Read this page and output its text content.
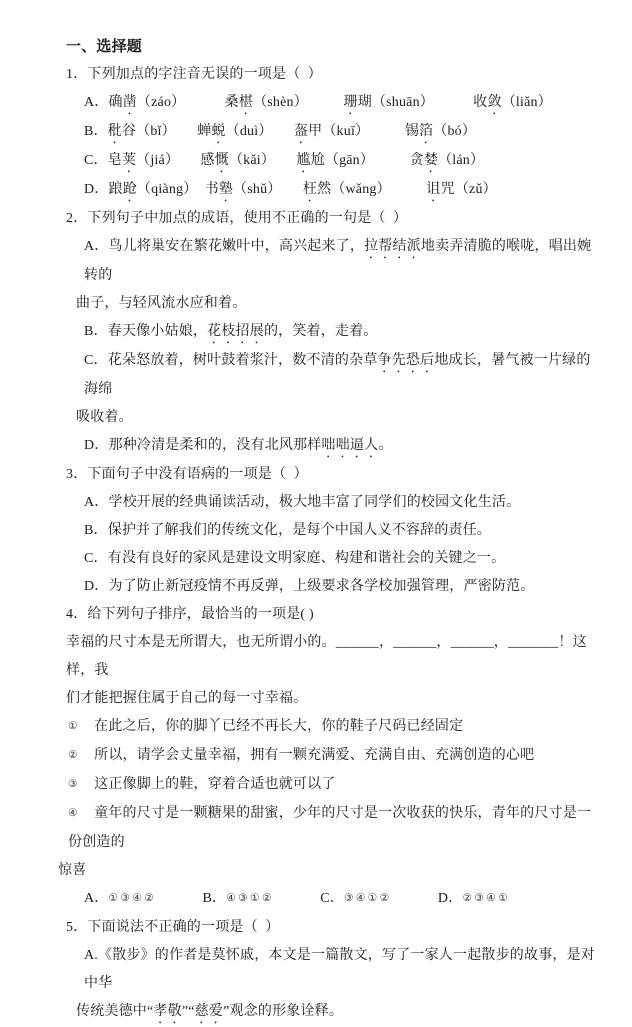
一、选择题

1．下列加点的字注音无误的一项是（  ）

A．确凿（záo）　　　 桑椹（shèn）　　　珊瑚（shuān）　　　 收敛（liǎn）

B．秕谷（bǐ）　　蝉蜕（duì）　　盔甲（kuī）　　　锡箔（bó）

C．皂荚（jiá）　　感慨（kǎi）　　尴尬（gān）　　　贪婪（lán）

D．踉跄（qiàng）　书塾（shǔ）　　枉然（wǎng）　　　诅咒（zǔ）

2．下列句子中加点的成语，使用不正确的一句是（  ）

A．鸟儿将巢安在繁花嫩叶中，高兴起来了，拉帮结派地卖弄清脆的喉咙，唱出婉转的

曲子，与轻风流水应和着。

B．春天像小姑娘，花枝招展的，笑着，走着。

C．花朵怒放着，树叶鼓着浆汁，数不清的杂草争先恐后地成长，暑气被一片绿的海绵

吸收着。

D．那种冷清是柔和的，没有北风那样咄咄逼人。

3．下面句子中没有语病的一项是（  ）

A．学校开展的经典诵读活动，极大地丰富了同学们的校园文化生活。

B．保护并了解我们的传统文化，是每个中国人义不容辞的责任。

C．有没有良好的家风是建设文明家庭、构建和谐社会的关键之一。

D．为了防止新冠疫情不再反弹，上级要求各学校加强管理，严密防范。

4．给下列句子排序，最恰当的一项是( )

幸福的尺寸本是无所谓大，也无所谓小的。______，______，______，_______！这样，我

们才能把握住属于自己的每一寸幸福。

①　在此之后，你的脚丫已经不再长大，你的鞋子尺码已经固定

②　所以，请学会丈量幸福，拥有一颗充满爱、充满自由、充满创造的心吧

③　这正像脚上的鞋，穿着合适也就可以了

④　童年的尺寸是一颗糖果的甜蜜，少年的尺寸是一次收获的快乐，青年的尺寸是一份创造的

惊喜

A．①③④②　　　	B．④③①②　　　	C．③④①②　　　	D．②③④①

5．下面说法不正确的一项是（  ）

A.《散步》的作者是莫怀戚，本文是一篇散文，写了一家人一起散步的故事，是对中华

传统美德中“孝敬”“慈爱”观念的形象诠释。
